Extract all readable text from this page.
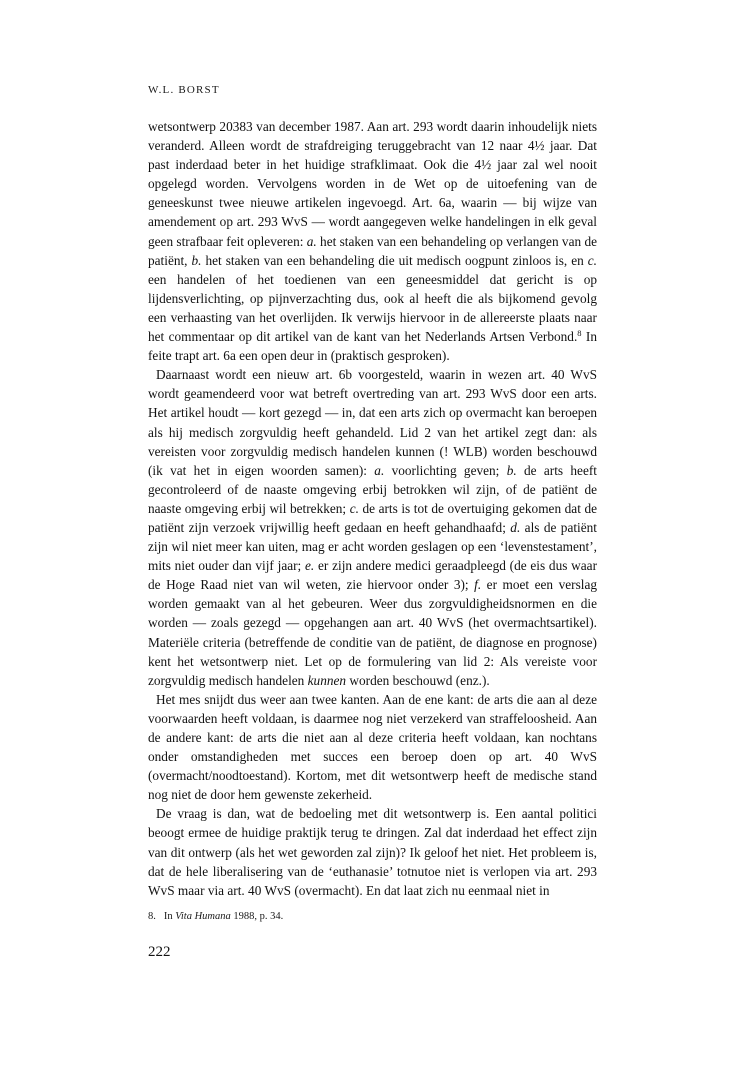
W.L. BORST

wetsontwerp 20383 van december 1987. Aan art. 293 wordt daarin inhoudelijk niets veranderd. Alleen wordt de strafdreiging teruggebracht van 12 naar 4½ jaar. Dat past inderdaad beter in het huidige strafklimaat. Ook die 4½ jaar zal wel nooit opgelegd worden. Vervolgens worden in de Wet op de uitoefening van de geneeskunst twee nieuwe artikelen ingevoegd. Art. 6a, waarin — bij wijze van amendement op art. 293 WvS — wordt aangegeven welke handelingen in elk geval geen strafbaar feit opleveren: a. het staken van een behandeling op verlangen van de patiënt, b. het staken van een behandeling die uit medisch oogpunt zinloos is, en c. een handelen of het toedienen van een geneesmiddel dat gericht is op lijdensverlichting, op pijnverzachting dus, ook al heeft die als bijkomend gevolg een verhaasting van het overlijden. Ik verwijs hiervoor in de allereerste plaats naar het commentaar op dit artikel van de kant van het Nederlands Artsen Verbond.$^8$ In feite trapt art. 6a een open deur in (praktisch gesproken).

Daarnaast wordt een nieuw art. 6b voorgesteld, waarin in wezen art. 40 WvS wordt geamendeerd voor wat betreft overtreding van art. 293 WvS door een arts. Het artikel houdt — kort gezegd — in, dat een arts zich op overmacht kan beroepen als hij medisch zorgvuldig heeft gehandeld. Lid 2 van het artikel zegt dan: als vereisten voor zorgvuldig medisch handelen kunnen (! WLB) worden beschouwd (ik vat het in eigen woorden samen): a. voorlichting geven; b. de arts heeft gecontroleerd of de naaste omgeving erbij betrokken wil zijn, of de patiënt de naaste omgeving erbij wil betrekken; c. de arts is tot de overtuiging gekomen dat de patiënt zijn verzoek vrijwillig heeft gedaan en heeft gehandhaafd; d. als de patiënt zijn wil niet meer kan uiten, mag er acht worden geslagen op een ‘levenstestament’, mits niet ouder dan vijf jaar; e. er zijn andere medici geraadpleegd (de eis dus waar de Hoge Raad niet van wil weten, zie hiervoor onder 3); f. er moet een verslag worden gemaakt van al het gebeuren. Weer dus zorgvuldigheidsnormen en die worden — zoals gezegd — opgehangen aan art. 40 WvS (het overmachtsartikel). Materiële criteria (betreffende de conditie van de patiënt, de diagnose en prognose) kent het wetsontwerp niet. Let op de formulering van lid 2: Als vereiste voor zorgvuldig medisch handelen kunnen worden beschouwd (enz.).

Het mes snijdt dus weer aan twee kanten. Aan de ene kant: de arts die aan al deze voorwaarden heeft voldaan, is daarmee nog niet verzekerd van straffeloosheid. Aan de andere kant: de arts die niet aan al deze criteria heeft voldaan, kan nochtans onder omstandigheden met succes een beroep doen op art. 40 WvS (overmacht/noodtoestand). Kortom, met dit wetsontwerp heeft de medische stand nog niet de door hem gewenste zekerheid.

De vraag is dan, wat de bedoeling met dit wetsontwerp is. Een aantal politici beoogt ermee de huidige praktijk terug te dringen. Zal dat inderdaad het effect zijn van dit ontwerp (als het wet geworden zal zijn)? Ik geloof het niet. Het probleem is, dat de hele liberalisering van de ‘euthanasie’ totnutoe niet is verlopen via art. 293 WvS maar via art. 40 WvS (overmacht). En dat laat zich nu eenmaal niet in

8. In Vita Humana 1988, p. 34.
222
